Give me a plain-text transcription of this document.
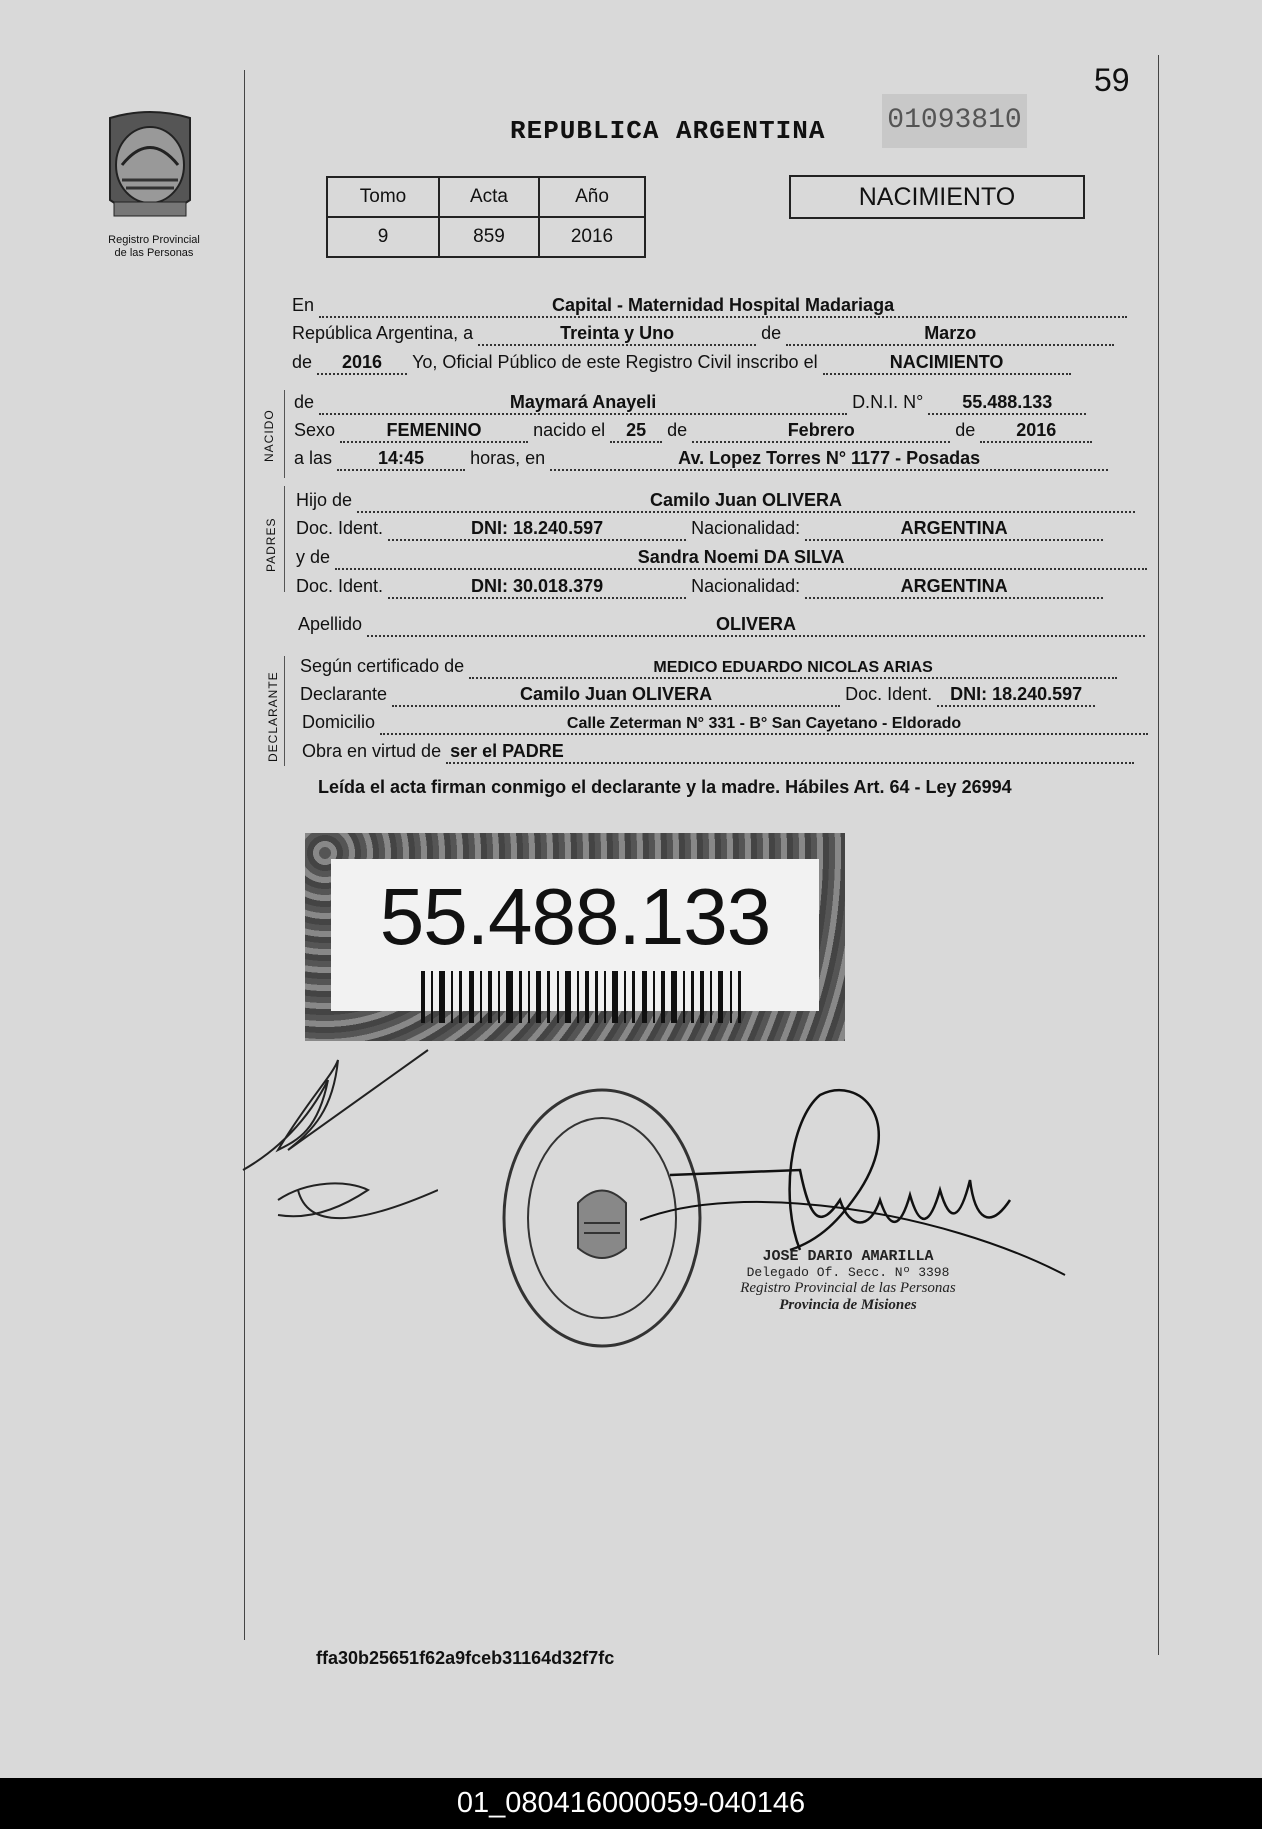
59
Registro Provincial
de las Personas
REPUBLICA ARGENTINA 01093810
Tomo	Acta	Año
9	859	2016
NACIMIENTO
En	Capital - Maternidad Hospital Madariaga
República Argentina, a	Treinta y Uno	de	Marzo
de 2016 Yo, Oficial Público de este Registro Civil inscribo el	NACIMIENTO
NACIDO
de	Maymará Anayeli	D.N.I. N° 55.488.133
Sexo	FEMENINO	nacido el 25 de	Febrero	de 2016
a las	14:45	horas, en	Av. Lopez Torres N° 1177 - Posadas
PADRES
Hijo de	Camilo Juan OLIVERA
Doc. Ident.	DNI: 18.240.597	Nacionalidad:	ARGENTINA
y de	Sandra Noemi DA SILVA
Doc. Ident.	DNI: 30.018.379	Nacionalidad:	ARGENTINA
Apellido	OLIVERA
DECLARANTE
Según certificado de	MEDICO EDUARDO NICOLAS ARIAS
Declarante	Camilo Juan OLIVERA	Doc. Ident. DNI: 18.240.597
Domicilio	Calle Zeterman N° 331 - B° San Cayetano - Eldorado
Obra en virtud de ser el PADRE
Leída el acta firman conmigo el declarante y la madre. Hábiles Art. 64 - Ley 26994
55.488.133
JOSÉ DARIO AMARILLA
Delegado Of. Secc. Nº 3398
Registro Provincial de las Personas
Provincia de Misiones
ffa30b25651f62a9fceb31164d32f7fc
01_080416000059-040146
